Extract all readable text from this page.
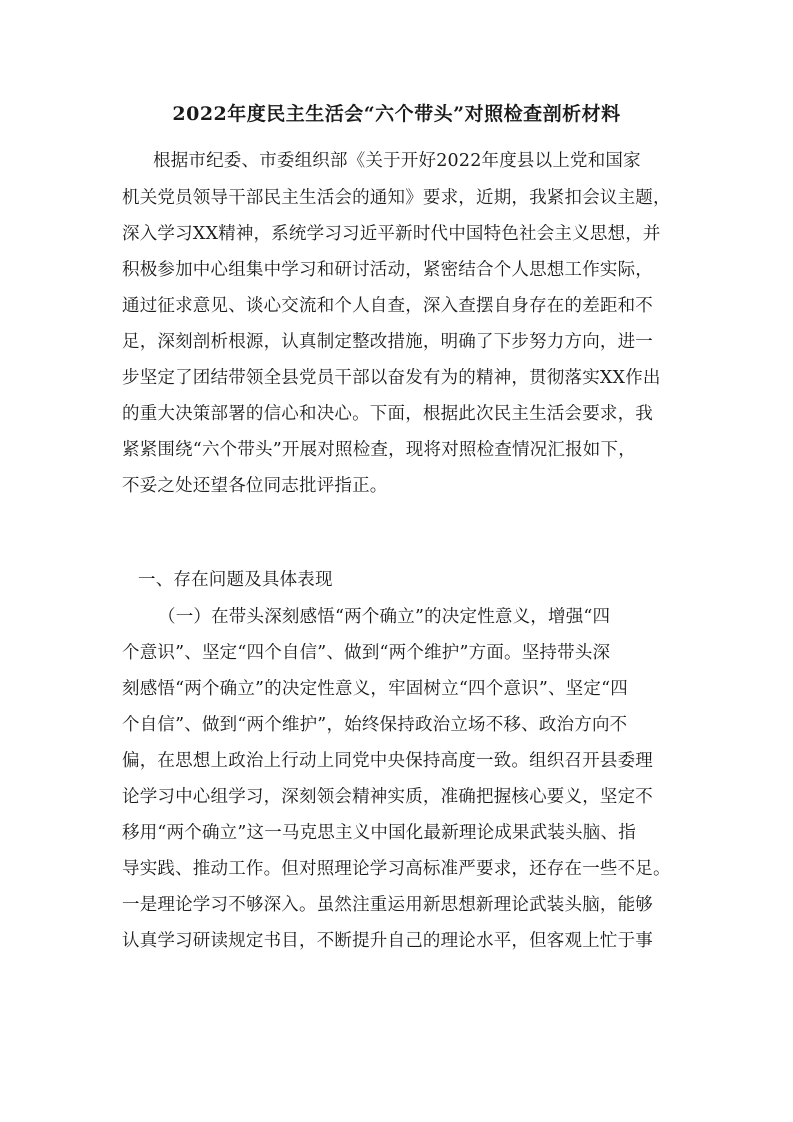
2022年度民主生活会“六个带头”对照检查剖析材料
根据市纪委、市委组织部《关于开好2022年度县以上党和国家
机关党员领导干部民主生活会的通知》要求，近期，我紧扣会议主题，
深入学习XX精神，系统学习习近平新时代中国特色社会主义思想，并
积极参加中心组集中学习和研讨活动，紧密结合个人思想工作实际，
通过征求意见、谈心交流和个人自查，深入查摆自身存在的差距和不
足，深刻剖析根源，认真制定整改措施，明确了下步努力方向，进一
步坚定了团结带领全县党员干部以奋发有为的精神，贯彻落实XX作出
的重大决策部署的信心和决心。下面，根据此次民主生活会要求，我
紧紧围绕“六个带头”开展对照检查，现将对照检查情况汇报如下，
不妥之处还望各位同志批评指正。
一、存在问题及具体表现
（一）在带头深刻感悟“两个确立”的决定性意义，增强“四
个意识”、坚定“四个自信”、做到“两个维护”方面。坚持带头深
刻感悟“两个确立”的决定性意义，牢固树立“四个意识”、坚定“四
个自信”、做到“两个维护”，始终保持政治立场不移、政治方向不
偏，在思想上政治上行动上同党中央保持高度一致。组织召开县委理
论学习中心组学习，深刻领会精神实质，准确把握核心要义，坚定不
移用“两个确立”这一马克思主义中国化最新理论成果武装头脑、指
导实践、推动工作。但对照理论学习高标准严要求，还存在一些不足。
一是理论学习不够深入。虽然注重运用新思想新理论武装头脑，能够
认真学习研读规定书目，不断提升自己的理论水平，但客观上忙于事
